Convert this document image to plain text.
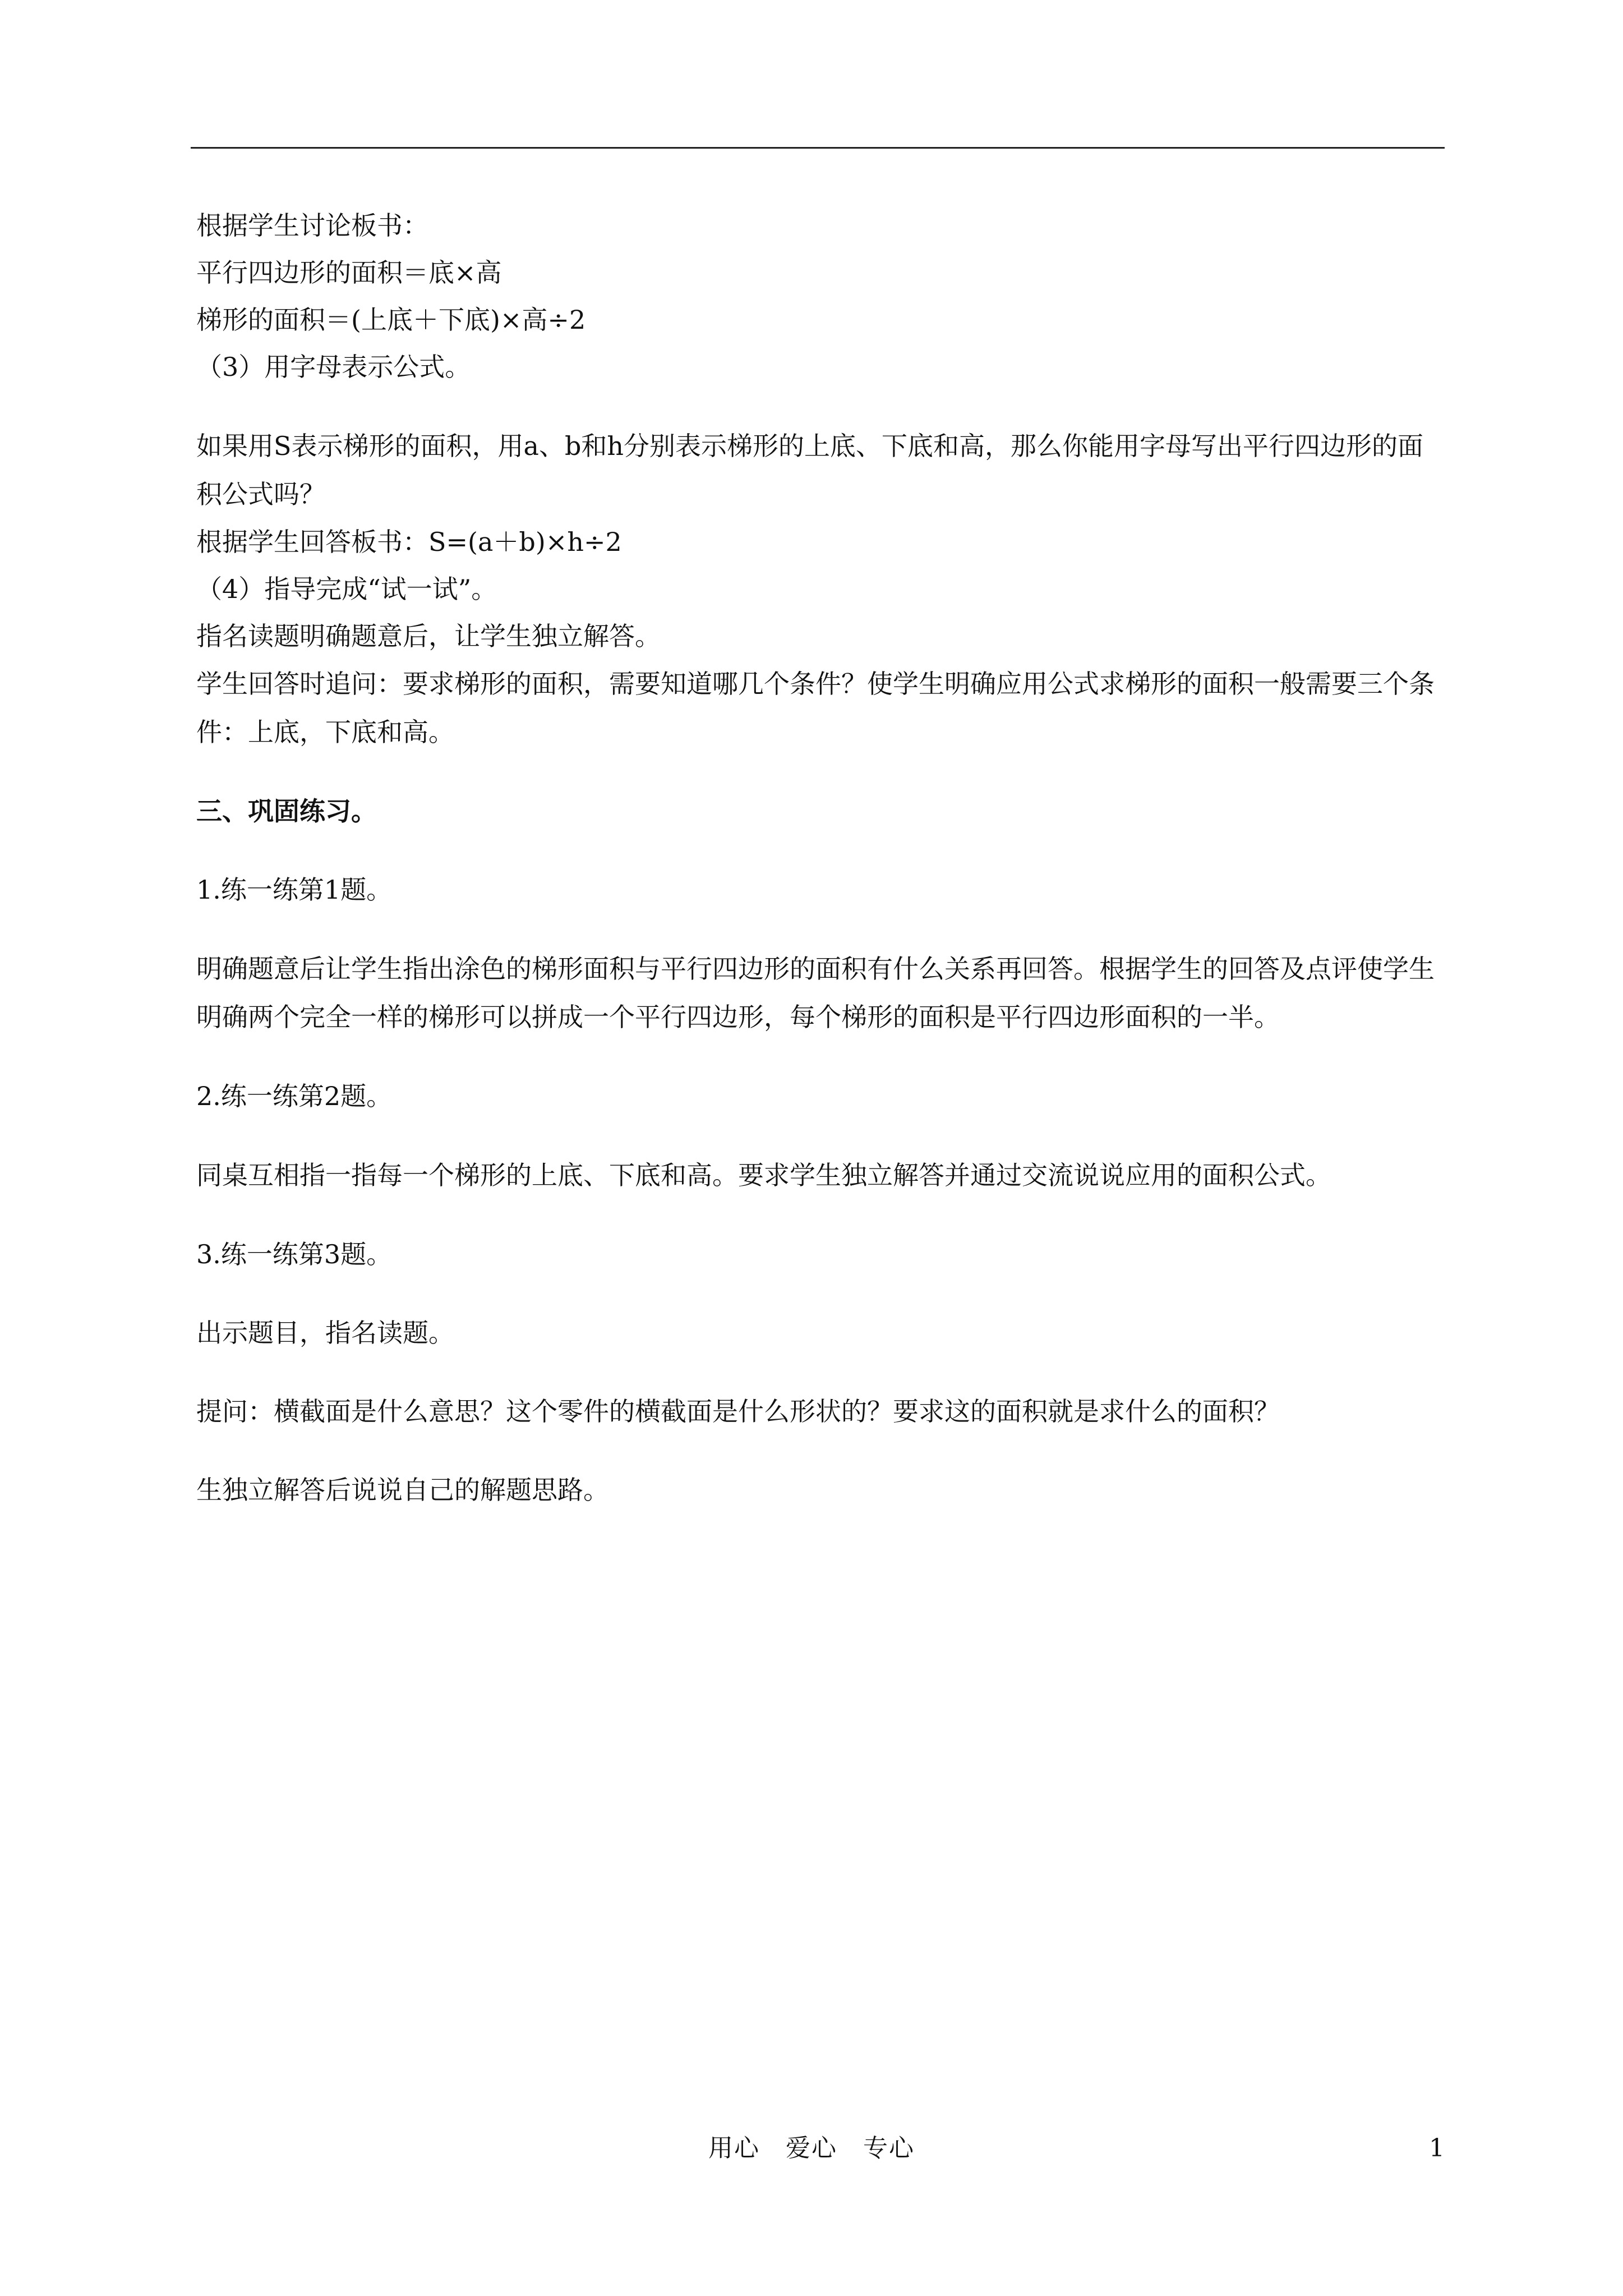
根据学生讨论板书：
平行四边形的面积＝底×高
梯形的面积＝(上底＋下底)×高÷2
（3）用字母表示公式。
如果用S表示梯形的面积，用a、b和h分别表示梯形的上底、下底和高，那么你能用字母写出平行四边形的面积公式吗？
根据学生回答板书：S=(a＋b)×h÷2
（4）指导完成“试一试”。
指名读题明确题意后，让学生独立解答。
学生回答时追问：要求梯形的面积，需要知道哪几个条件？使学生明确应用公式求梯形的面积一般需要三个条件：上底，下底和高。
三、巩固练习。
1.练一练第1题。
明确题意后让学生指出涂色的梯形面积与平行四边形的面积有什么关系再回答。根据学生的回答及点评使学生明确两个完全一样的梯形可以拼成一个平行四边形，每个梯形的面积是平行四边形面积的一半。
2.练一练第2题。
同桌互相指一指每一个梯形的上底、下底和高。要求学生独立解答并通过交流说说应用的面积公式。
3.练一练第3题。
出示题目，指名读题。
提问：横截面是什么意思？这个零件的横截面是什么形状的？要求这的面积就是求什么的面积？
生独立解答后说说自己的解题思路。
用心　爱心　专心	1
